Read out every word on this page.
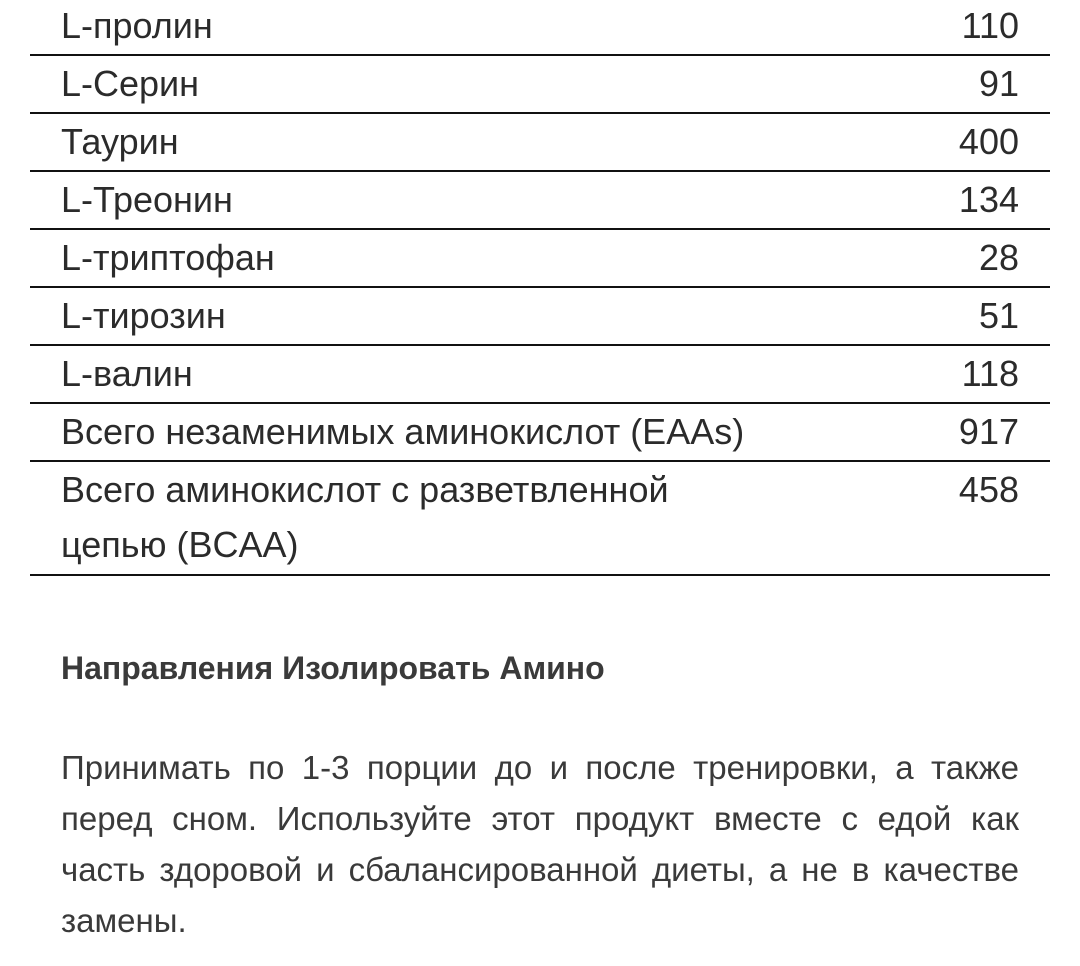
L-пролин	110
L-Серин	91
Таурин	400
L-Треонин	134
L-триптофан	28
L-тирозин	51
L-валин	118
Всего незаменимых аминокислот (EAAs)	917
Всего аминокислот с разветвленной цепью (BCAA)	458
Направления Изолировать Амино

Принимать по 1-3 порции до и после тренировки, а также перед сном. Используйте этот продукт вместе с едой как часть здоровой и сбалансированной диеты, а не в качестве замены.
